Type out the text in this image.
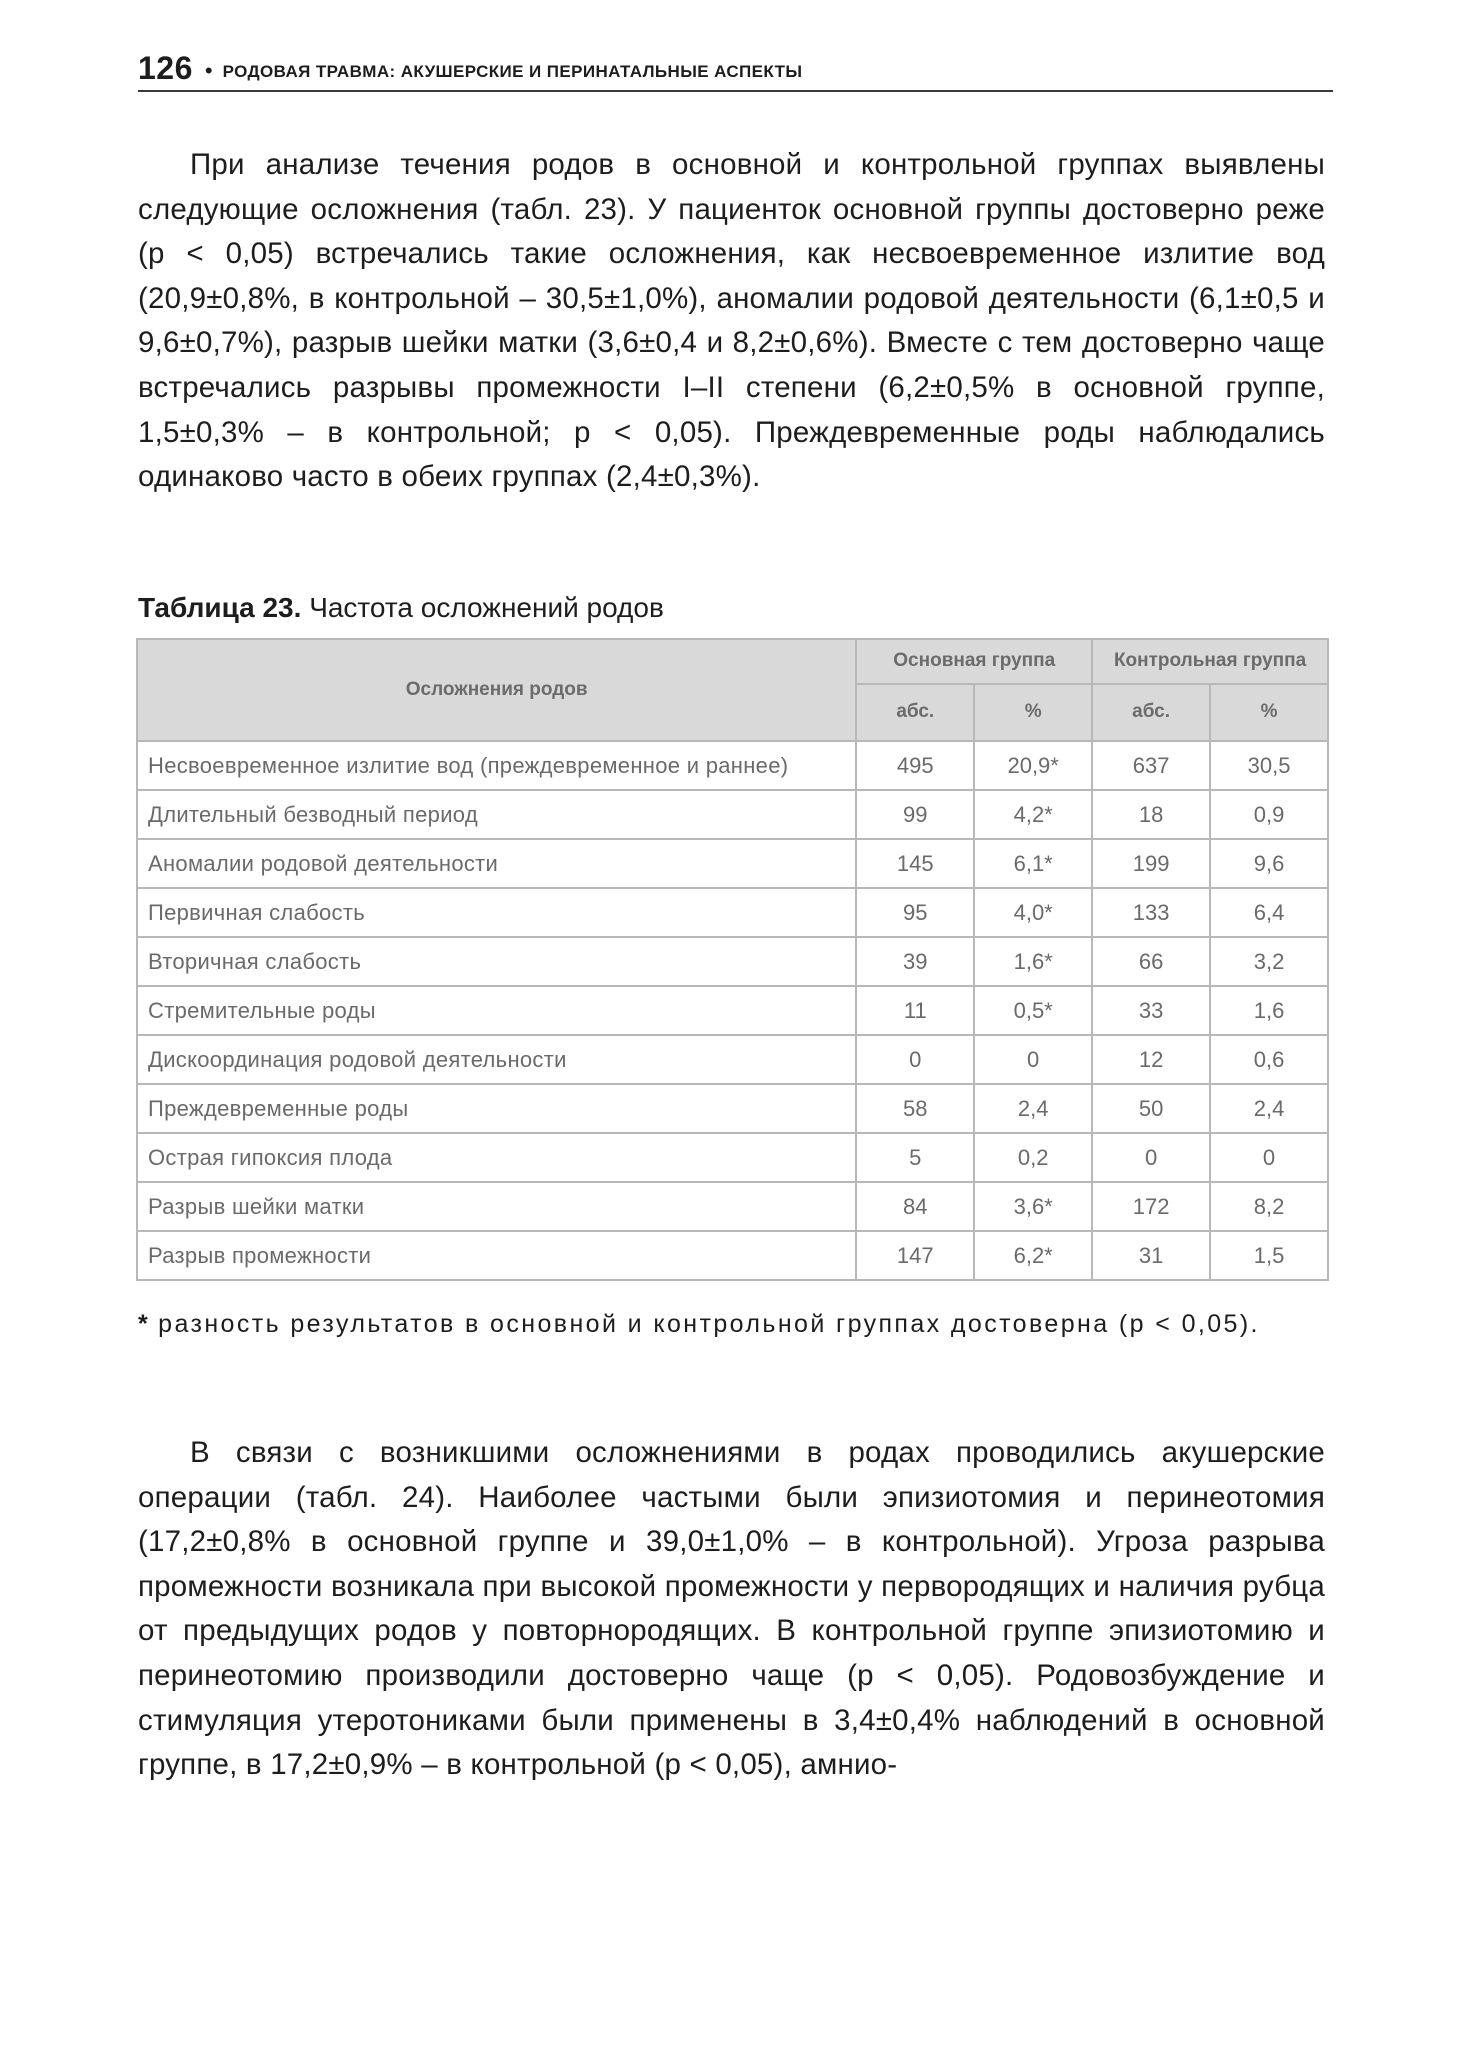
126 • РОДОВАЯ ТРАВМА: АКУШЕРСКИЕ И ПЕРИНАТАЛЬНЫЕ АСПЕКТЫ

При анализе течения родов в основной и контрольной группах выявлены следующие осложнения (табл. 23). У пациенток основной группы достоверно реже (p < 0,05) встречались такие осложнения, как несвоевременное излитие вод (20,9±0,8%, в контрольной – 30,5±1,0%), аномалии родовой деятельности (6,1±0,5 и 9,6±0,7%), разрыв шейки матки (3,6±0,4 и 8,2±0,6%). Вместе с тем достоверно чаще встречались разрывы промежности I–II степени (6,2±0,5% в основной группе, 1,5±0,3% – в контрольной; p < 0,05). Преждевременные роды наблюдались одинаково часто в обеих группах (2,4±0,3%).

Таблица 23. Частота осложнений родов
Осложнения родов	Основная группа		Контрольная группа	
	абс.	%	абс.	%
Несвоевременное излитие вод (преждевременное и раннее)	495	20,9*	637	30,5
Длительный безводный период	99	4,2*	18	0,9
Аномалии родовой деятельности	145	6,1*	199	9,6
Первичная слабость	95	4,0*	133	6,4
Вторичная слабость	39	1,6*	66	3,2
Стремительные роды	11	0,5*	33	1,6
Дискоординация родовой деятельности	0	0	12	0,6
Преждевременные роды	58	2,4	50	2,4
Острая гипоксия плода	5	0,2	0	0
Разрыв шейки матки	84	3,6*	172	8,2
Разрыв промежности	147	6,2*	31	1,5
* разность результатов в основной и контрольной группах достоверна (p < 0,05).

В связи с возникшими осложнениями в родах проводились акушерские операции (табл. 24). Наиболее частыми были эпизиотомия и перинеотомия (17,2±0,8% в основной группе и 39,0±1,0% – в контрольной). Угроза разрыва промежности возникала при высокой промежности у первородящих и наличия рубца от предыдущих родов у повторнородящих. В контрольной группе эпизиотомию и перинеотомию производили достоверно чаще (p < 0,05). Родовозбуждение и стимуляция утеротониками были применены в 3,4±0,4% наблюдений в основной группе, в 17,2±0,9% – в контрольной (p < 0,05), амнио-
